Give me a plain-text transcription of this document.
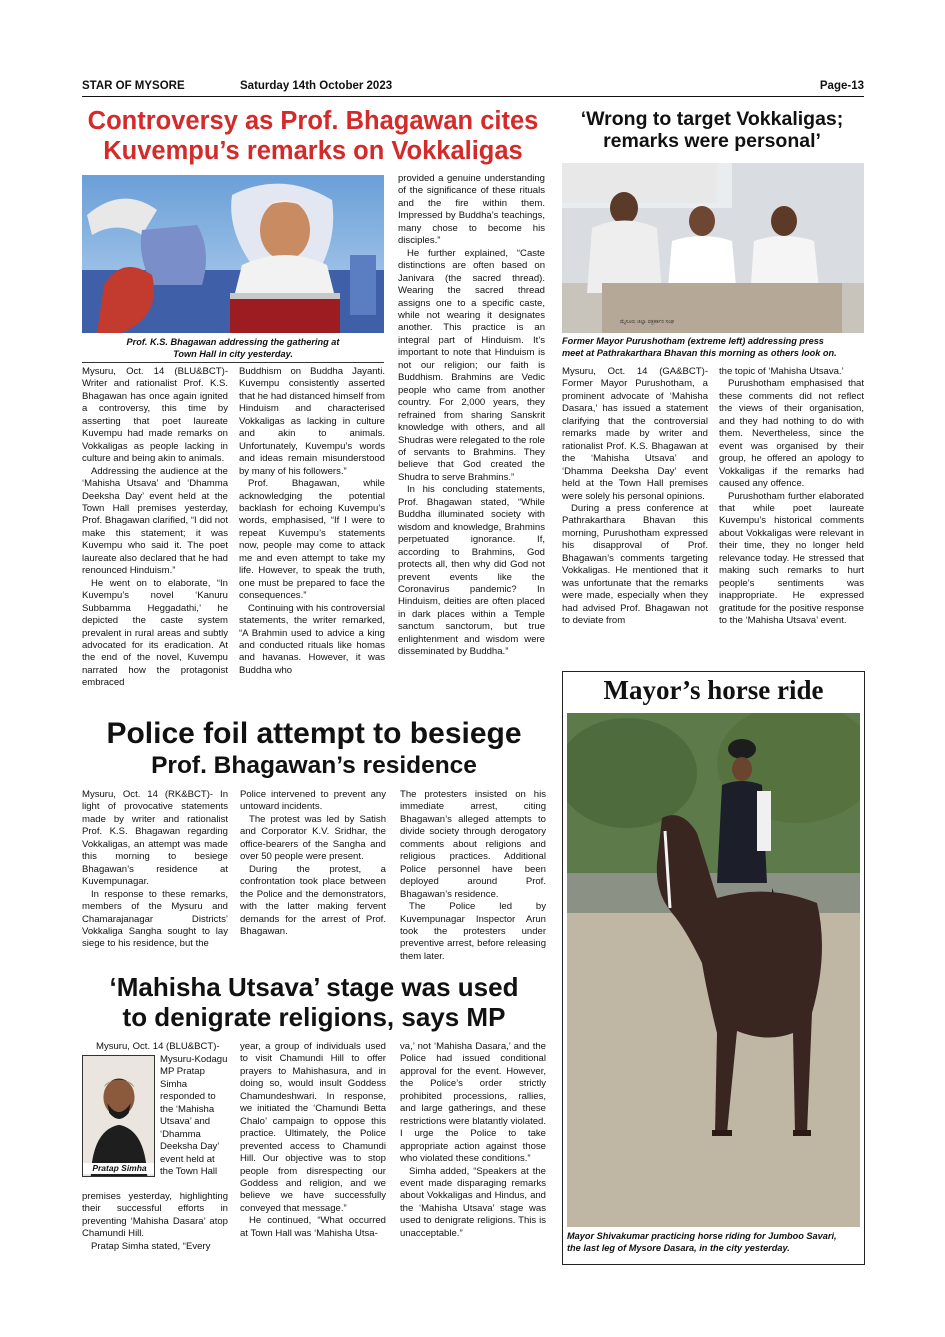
STAR OF MYSORE	Saturday 14th October 2023	Page-13
Controversy as Prof. Bhagawan cites
Kuvempu’s remarks on Vokkaligas
Prof. K.S. Bhagawan addressing the gathering at
Town Hall in city yesterday.

Mysuru, Oct. 14 (BLU&BCT)- Writer and rationalist Prof. K.S. Bhagawan has once again ignited a controversy, this time by asserting that poet laureate Kuvempu had made remarks on Vokkaligas as people lacking in culture and being akin to animals.

Addressing the audience at the ‘Mahisha Utsava’ and ‘Dhamma Deeksha Day’ event held at the Town Hall premises yesterday, Prof. Bhagawan clarified, “I did not make this statement; it was Kuvempu who said it. The poet laureate also declared that he had renounced Hinduism.”

He went on to elaborate, “In Kuvempu’s novel ‘Kanuru Subbamma Heggadathi,’ he depicted the caste system prevalent in rural areas and subtly advocated for its eradication. At the end of the novel, Kuvempu narrated how the protagonist embraced

Buddhism on Buddha Jayanti. Kuvempu consistently asserted that he had distanced himself from Hinduism and characterised Vokkaligas as lacking in culture and akin to animals. Unfortunately, Kuvempu’s words and ideas remain misunderstood by many of his followers.”

Prof. Bhagawan, while acknowledging the potential backlash for echoing Kuvempu’s words, emphasised, “If I were to repeat Kuvempu’s statements now, people may come to attack me and even attempt to take my life. However, to speak the truth, one must be prepared to face the consequences.”

Continuing with his controversial statements, the writer remarked, “A Brahmin used to advice a king and conducted rituals like homas and havanas. However, it was Buddha who

provided a genuine understanding of the significance of these rituals and the fire within them. Impressed by Buddha’s teachings, many chose to become his disciples.”

He further explained, “Caste distinctions are often based on Janivara (the sacred thread). Wearing the sacred thread assigns one to a specific caste, while not wearing it designates another. This practice is an integral part of Hinduism. It’s important to note that Hinduism is not our religion; our faith is Buddhism. Brahmins are Vedic people who came from another country. For 2,000 years, they refrained from sharing Sanskrit knowledge with others, and all Shudras were relegated to the role of servants to Brahmins. They believe that God created the Shudra to serve Brahmins.”

In his concluding statements, Prof. Bhagawan stated, “While Buddha illuminated society with wisdom and knowledge, Brahmins perpetuated ignorance. If, according to Brahmins, God protects all, then why did God not prevent events like the Coronavirus pandemic? In Hinduism, deities are often placed in dark places within a Temple sanctum sanctorum, but true enlightenment and wisdom were disseminated by Buddha.”

‘Wrong to target Vokkaligas;
remarks were personal’
ಮೈಸೂರು ಜಿಲ್ಲಾ ಪತ್ರಕರ್ತರ ಸಂಘ
Former Mayor Purushotham (extreme left) addressing press
meet at Pathrakarthara Bhavan this morning as others look on.

Mysuru, Oct. 14 (GA&BCT)- Former Mayor Purushotham, a prominent advocate of ‘Mahisha Dasara,’ has issued a statement clarifying that the controversial remarks made by writer and rationalist Prof. K.S. Bhagawan at the ‘Mahisha Utsava’ and ‘Dhamma Deeksha Day’ event held at the Town Hall premises were solely his personal opinions.

During a press conference at Pathrakarthara Bhavan this morning, Purushotham expressed his disapproval of Prof. Bhagawan’s comments targeting Vokkaligas. He mentioned that it was unfortunate that the remarks were made, especially when they had advised Prof. Bhagawan not to deviate from

the topic of ‘Mahisha Utsava.’

Purushotham emphasised that these comments did not reflect the views of their organisation, and they had nothing to do with them. Nevertheless, since the event was organised by their group, he offered an apology to Vokkaligas if the remarks had caused any offence.

Purushotham further elaborated that while poet laureate Kuvempu’s historical comments about Vokkaligas were relevant in their time, they no longer held relevance today. He stressed that making such remarks to hurt people’s sentiments was inappropriate. He expressed gratitude for the positive response to the ‘Mahisha Utsava’ event.

Police foil attempt to besiege
Prof. Bhagawan’s residence

Mysuru, Oct. 14 (RK&BCT)- In light of provocative statements made by writer and rationalist Prof. K.S. Bhagawan regarding Vokkaligas, an attempt was made this morning to besiege Bhagawan’s residence at Kuvempunagar.

In response to these remarks, members of the Mysuru and Chamarajanagar Districts’ Vokkaliga Sangha sought to lay siege to his residence, but the

Police intervened to prevent any untoward incidents.

The protest was led by Satish and Corporator K.V. Sridhar, the office-bearers of the Sangha and over 50 people were present.

During the protest, a confrontation took place between the Police and the demonstrators, with the latter making fervent demands for the arrest of Prof. Bhagawan.

The protesters insisted on his immediate arrest, citing Bhagawan’s alleged attempts to divide society through derogatory comments about religions and religious practices. Additional Police personnel have been deployed around Prof. Bhagawan’s residence.

The Police led by Kuvempunagar Inspector Arun took the protesters under preventive arrest, before releasing them later.

‘Mahisha Utsava’ stage was used
to denigrate religions, says MP
Mysuru, Oct. 14 (BLU&BCT)-
Pratap Simha
Mysuru-Kodagu MP Pratap Simha responded to the ‘Mahisha Utsava’ and ‘Dhamma Deeksha Day’ event held at the Town Hall

premises yesterday, highlighting their successful efforts in preventing ‘Mahisha Dasara’ atop Chamundi Hill.

Pratap Simha stated, “Every

year, a group of individuals used to visit Chamundi Hill to offer prayers to Mahishasura, and in doing so, would insult Goddess Chamundeshwari. In response, we initiated the ‘Chamundi Betta Chalo’ campaign to oppose this practice. Ultimately, the Police prevented access to Chamundi Hill. Our objective was to stop people from disrespecting our Goddess and religion, and we believe we have successfully conveyed that message.”

He continued, “What occurred at Town Hall was ‘Mahisha Utsa-

va,’ not ‘Mahisha Dasara,’ and the Police had issued conditional approval for the event. However, the Police’s order strictly prohibited processions, rallies, and large gatherings, and these restrictions were blatantly violated. I urge the Police to take appropriate action against those who violated these conditions.”

Simha added, “Speakers at the event made disparaging remarks about Vokkaligas and Hindus, and the ‘Mahisha Utsava’ stage was used to denigrate religions. This is unacceptable.”

Mayor’s horse ride
Mayor Shivakumar practicing horse riding for Jumboo Savari,
the last leg of Mysore Dasara, in the city yesterday.
